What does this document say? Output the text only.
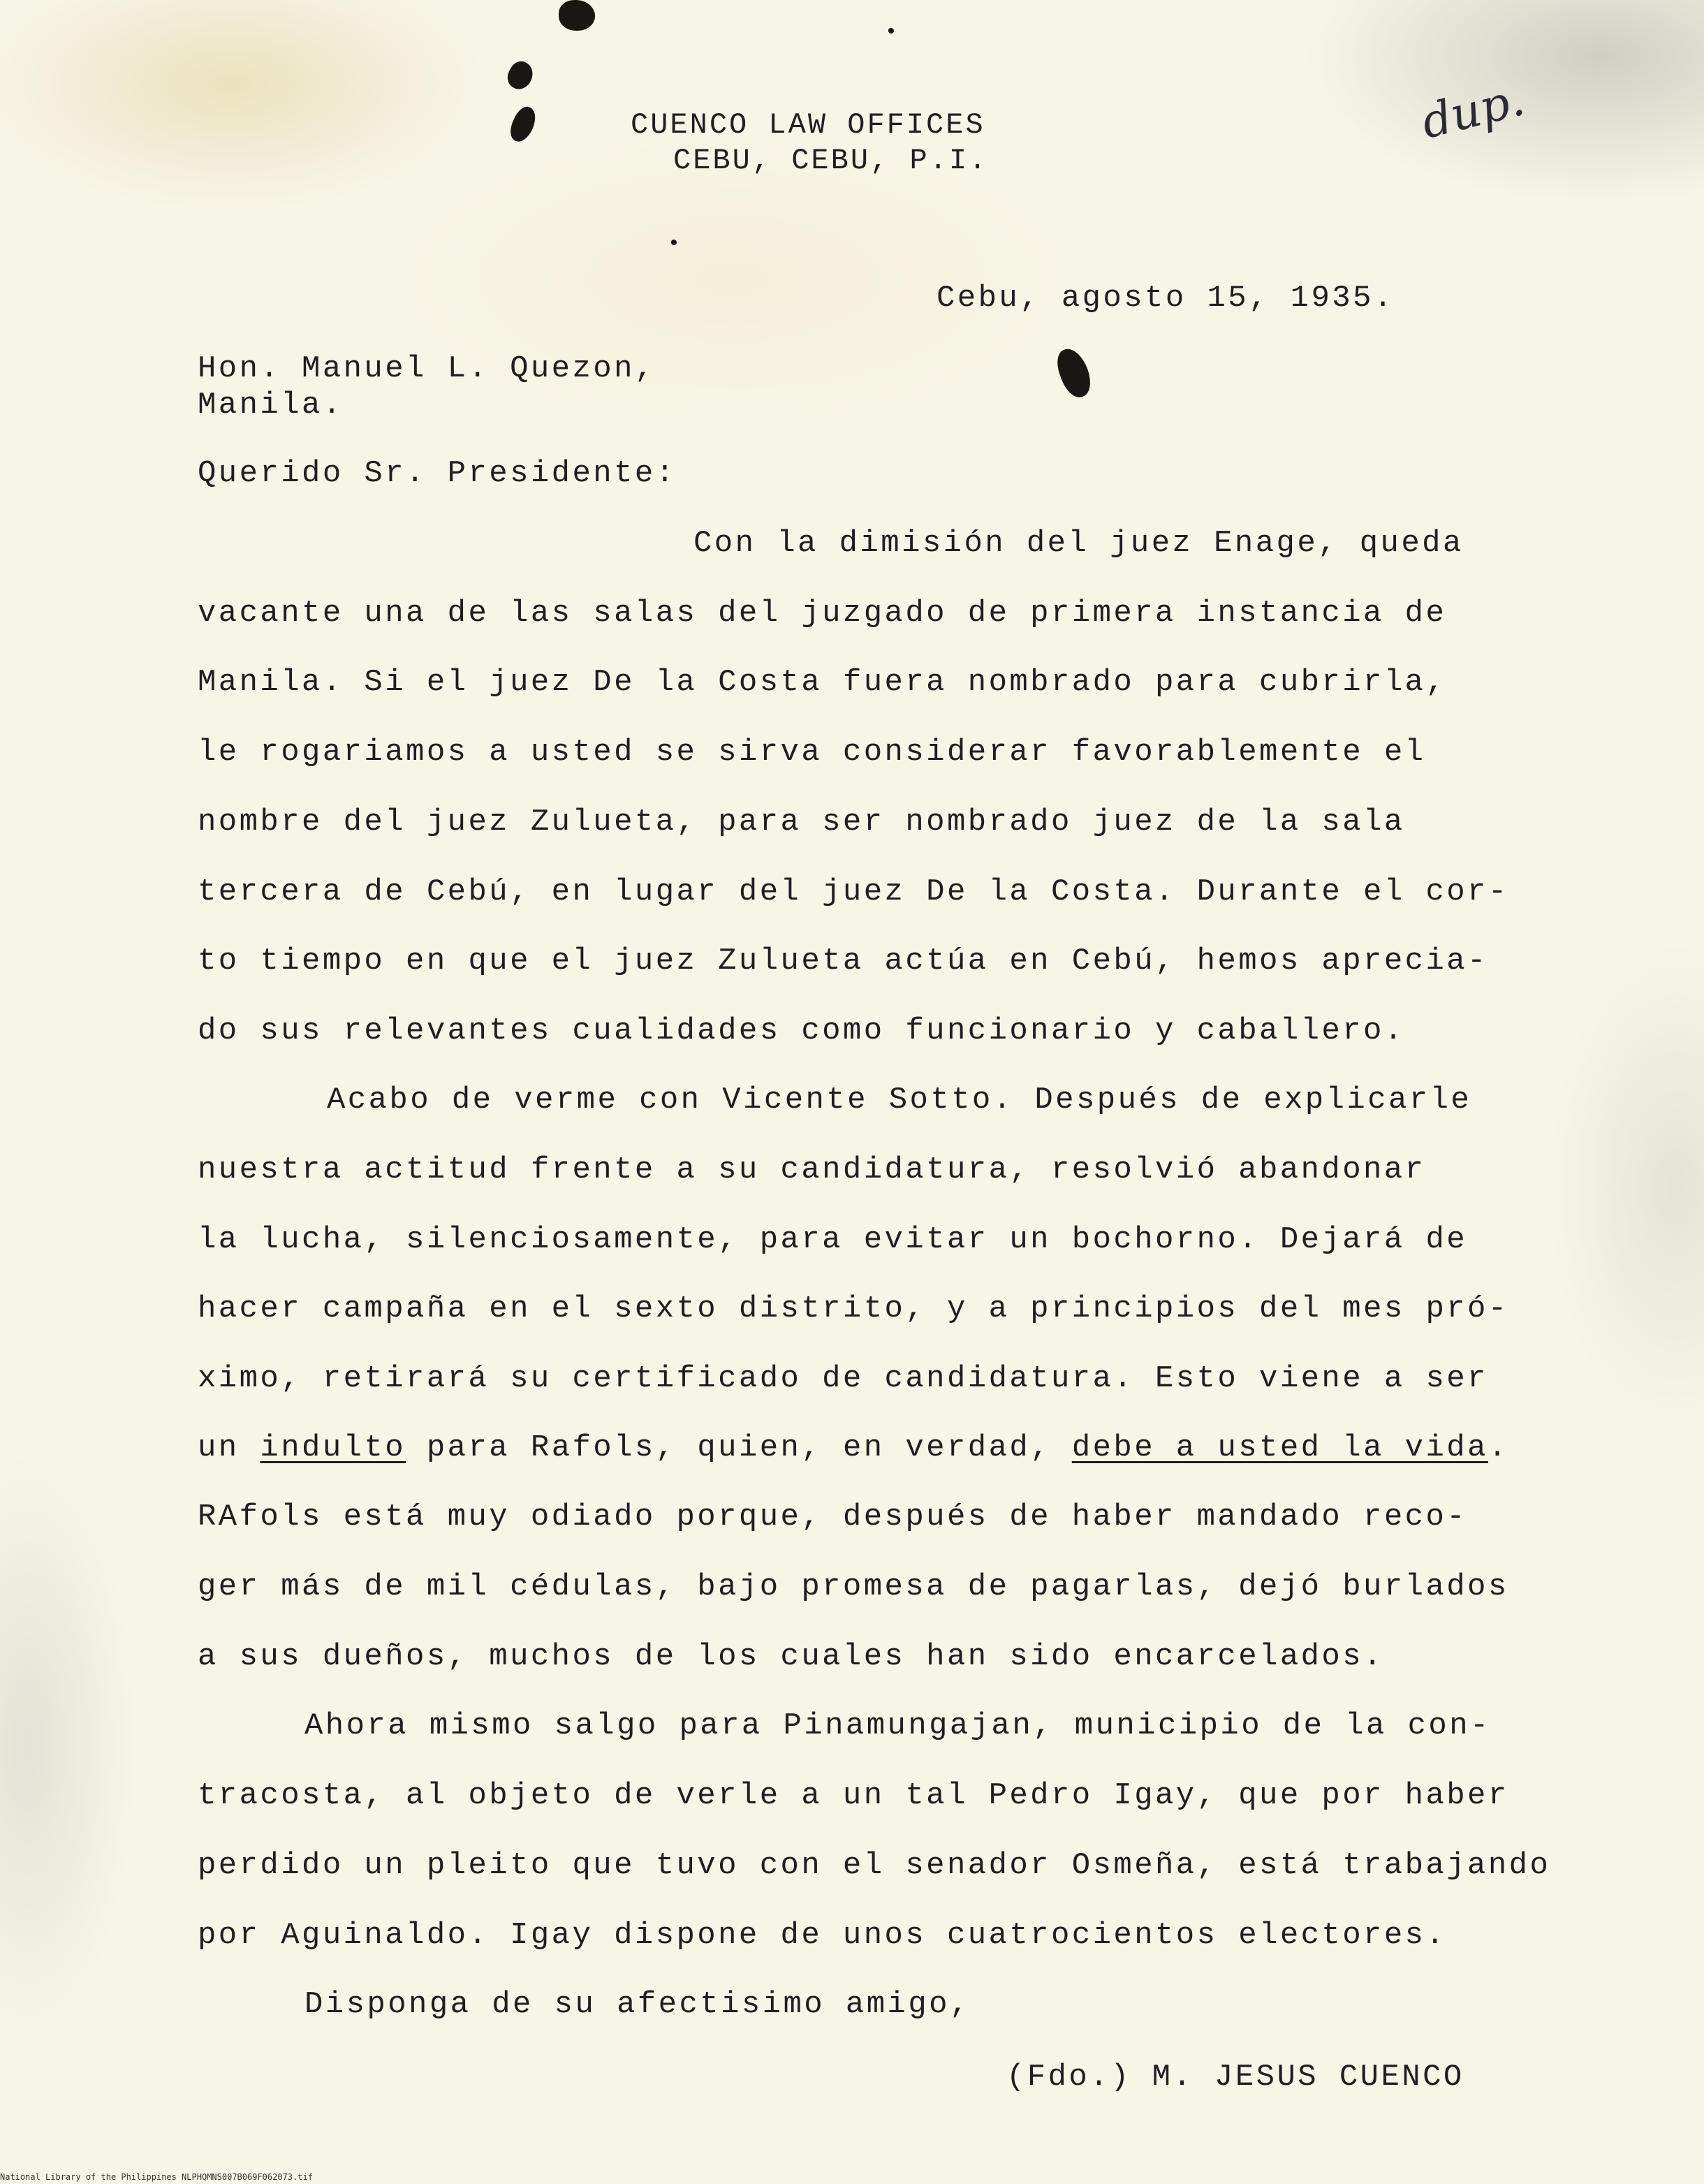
dup.
CUENCO LAW OFFICES
CEBU, CEBU, P.I.
Cebu, agosto 15, 1935.
Hon. Manuel L. Quezon,
Manila.
Querido Sr. Presidente:
Con la dimisión del juez Enage, queda
vacante una de las salas del juzgado de primera instancia de
Manila. Si el juez De la Costa fuera nombrado para cubrirla,
le rogariamos a usted se sirva considerar favorablemente el
nombre del juez Zulueta, para ser nombrado juez de la sala
tercera de Cebú, en lugar del juez De la Costa. Durante el cor-
to tiempo en que el juez Zulueta actúa en Cebú, hemos aprecia-
do sus relevantes cualidades como funcionario y caballero.
Acabo de verme con Vicente Sotto. Después de explicarle
nuestra actitud frente a su candidatura, resolvió abandonar
la lucha, silenciosamente, para evitar un bochorno. Dejará de
hacer campaña en el sexto distrito, y a principios del mes pró-
ximo, retirará su certificado de candidatura. Esto viene a ser
un indulto para Rafols, quien, en verdad, debe a usted la vida.
RAfols está muy odiado porque, después de haber mandado reco-
ger más de mil cédulas, bajo promesa de pagarlas, dejó burlados
a sus dueños, muchos de los cuales han sido encarcelados.
Ahora mismo salgo para Pinamungajan, municipio de la con-
tracosta, al objeto de verle a un tal Pedro Igay, que por haber
perdido un pleito que tuvo con el senador Osmeña, está trabajando
por Aguinaldo. Igay dispone de unos cuatrocientos electores.
Disponga de su afectisimo amigo,
(Fdo.) M. JESUS CUENCO
National Library of the Philippines NLPHQMNS007B069F062073.tif
